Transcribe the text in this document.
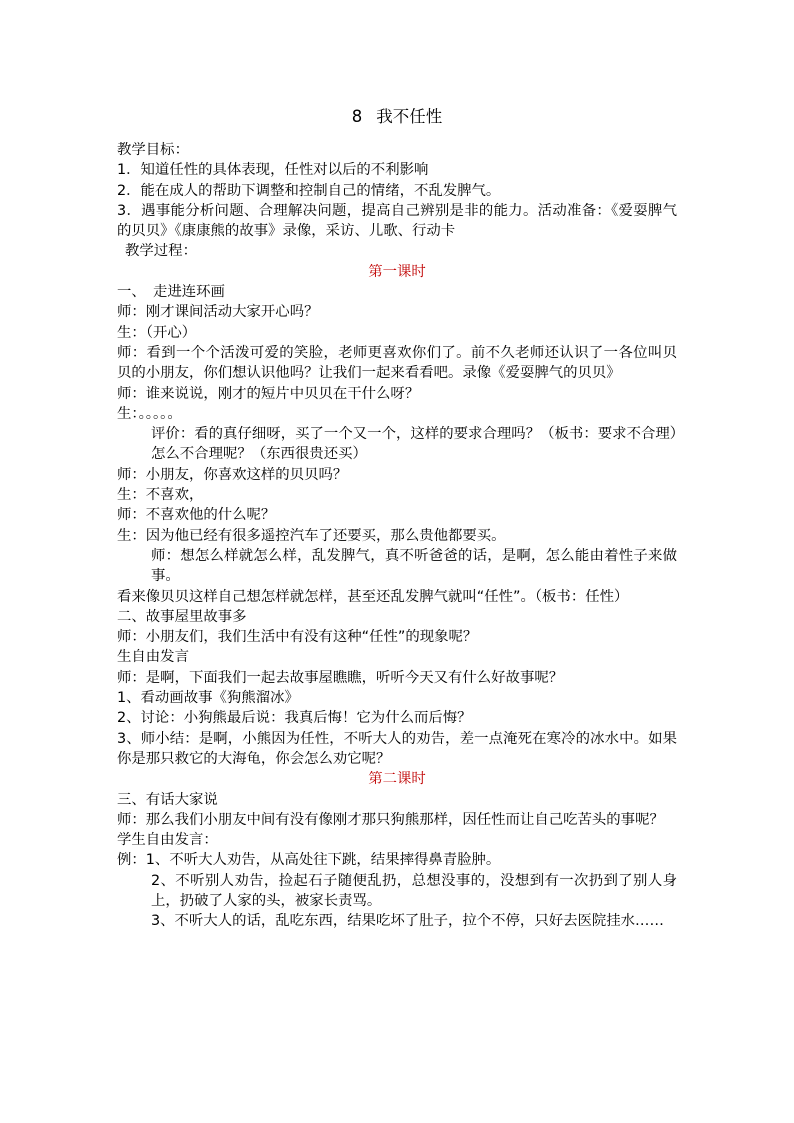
8 我不任性
教学目标：
1．知道任性的具体表现，任性对以后的不利影响
2．能在成人的帮助下调整和控制自己的情绪，不乱发脾气。
3．遇事能分析问题、合理解决问题，提高自己辨别是非的能力。活动准备：《爱耍脾气的贝贝》《康康熊的故事》录像，采访、儿歌、行动卡
教学过程：
第一课时
一、　走进连环画
师：刚才课间活动大家开心吗？
生：（开心）
师：看到一个个活泼可爱的笑脸，老师更喜欢你们了。前不久老师还认识了一各位叫贝贝的小朋友，你们想认识他吗？让我们一起来看看吧。录像《爱耍脾气的贝贝》
师：谁来说说，刚才的短片中贝贝在干什么呀？
生：。。。。。
评价：看的真仔细呀，买了一个又一个，这样的要求合理吗？（板书：要求不合理）怎么不合理呢？（东西很贵还买）
师：小朋友，你喜欢这样的贝贝吗？
生：不喜欢，
师：不喜欢他的什么呢？
生：因为他已经有很多遥控汽车了还要买，那么贵他都要买。
师：想怎么样就怎么样，乱发脾气，真不听爸爸的话，是啊，怎么能由着性子来做事。
看来像贝贝这样自己想怎样就怎样，甚至还乱发脾气就叫“任性”。（板书：任性）
二、故事屋里故事多
师：小朋友们，我们生活中有没有这种“任性”的现象呢？
生自由发言
师：是啊，下面我们一起去故事屋瞧瞧，听听今天又有什么好故事呢？
1、看动画故事《狗熊溜冰》
2、讨论：小狗熊最后说：我真后悔！它为什么而后悔？
3、师小结：是啊，小熊因为任性，不听大人的劝告，差一点淹死在寒冷的冰水中。如果你是那只救它的大海龟，你会怎么劝它呢？
第二课时
三、有话大家说
师：那么我们小朋友中间有没有像刚才那只狗熊那样，因任性而让自己吃苦头的事呢？
学生自由发言：
例：1、不听大人劝告，从高处往下跳，结果摔得鼻青脸肿。
2、不听别人劝告，捡起石子随便乱扔，总想没事的，没想到有一次扔到了别人身上，扔破了人家的头，被家长责骂。
3、不听大人的话，乱吃东西，结果吃坏了肚子，拉个不停，只好去医院挂水……
